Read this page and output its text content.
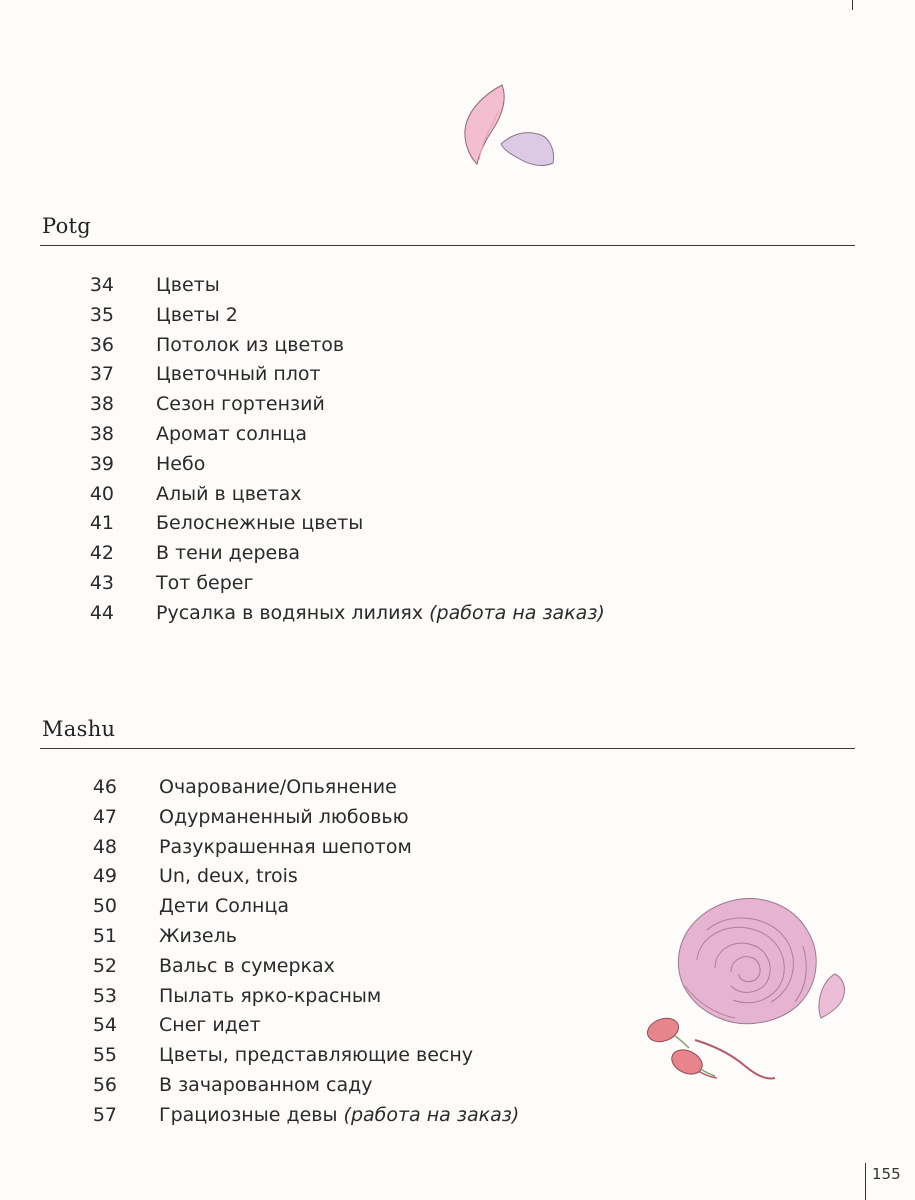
Potg
34 Цветы
35 Цветы 2
36 Потолок из цветов
37 Цветочный плот
38 Сезон гортензий
38 Аромат солнца
39 Небо
40 Алый в цветах
41 Белоснежные цветы
42 В тени дерева
43 Тот берег
44 Русалка в водяных лилиях (работа на заказ)
Mashu
46 Очарование/Опьянение
47 Одурманенный любовью
48 Разукрашенная шепотом
49 Un, deux, trois
50 Дети Солнца
51 Жизель
52 Вальс в сумерках
53 Пылать ярко-красным
54 Снег идет
55 Цветы, представляющие весну
56 В зачарованном саду
57 Грациозные девы (работа на заказ)
155
